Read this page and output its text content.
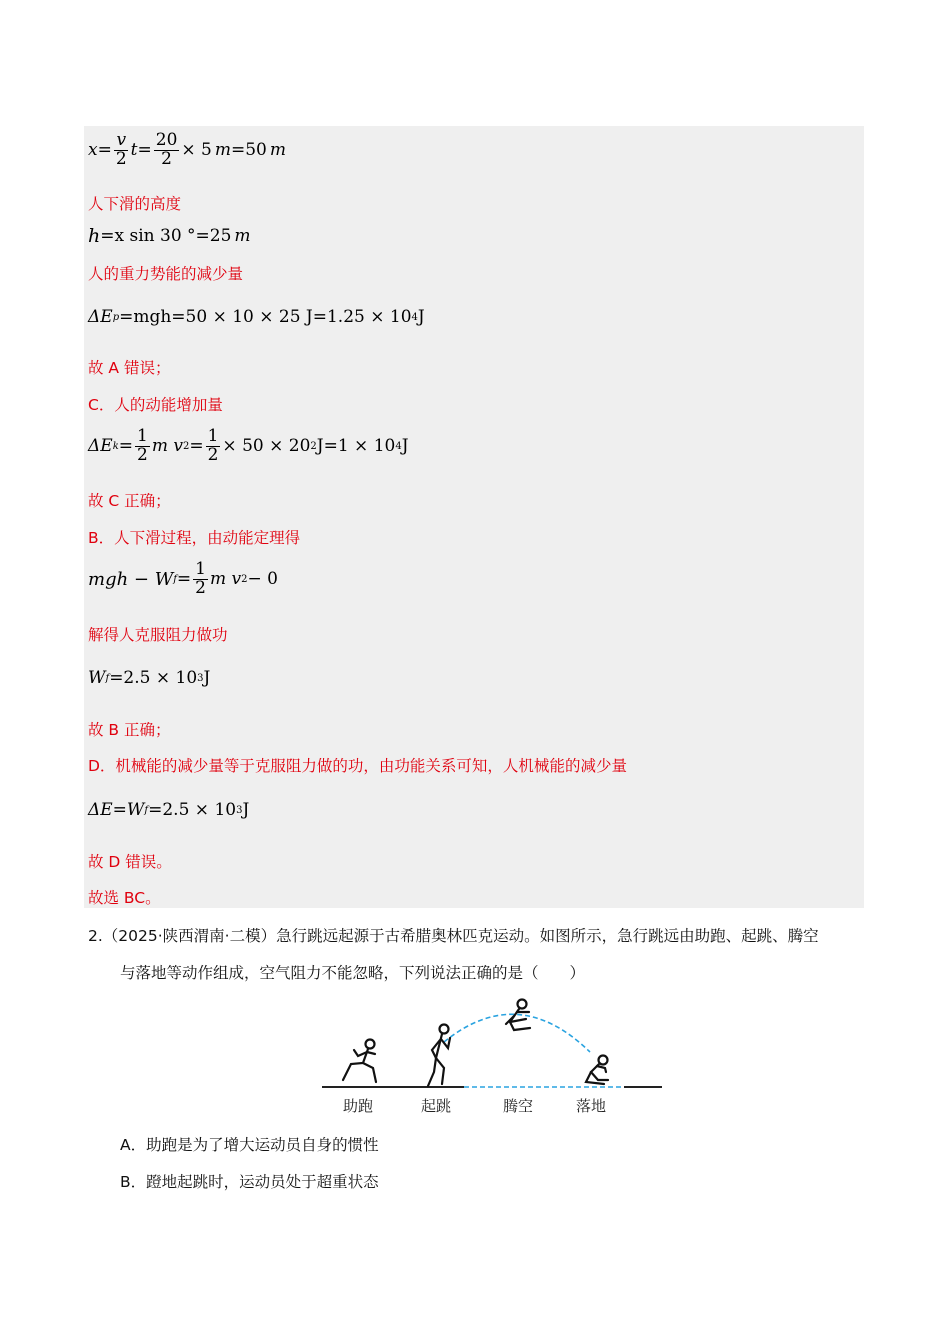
$x = \frac{v}{2}$ $t = \frac{20}{2} \times 5$ m =50 m
人下滑的高度
h =x sin 30 °=25 m
人的重力势能的减少量
ΔE p =mgh=50 × 10 × 25 J=1.25 × 10 4 J
故 A 错误；
C．人的动能增加量
ΔE $k = \frac{1}{2}$ m v $2 = \frac{1}{2} \times 50 \times 20$ 2 J=1 × 10 4 J
故 C 正确；
B．人下滑过程，由动能定理得
mgh − W $f = \frac{1}{2}$ m v 2 − 0
解得人克服阻力做功
W f =2.5 × 10 3 J
故 B 正确；
D．机械能的减少量等于克服阻力做的功，由功能关系可知，人机械能的减少量
ΔE=W f =2.5 × 10 3 J
故 D 错误。
故选 BC。
2.（2025·陕西渭南·二模）急行跳远起源于古希腊奥林匹克运动。如图所示，急行跳远由助跑、起跳、腾空
与落地等动作组成，空气阻力不能忽略，下列说法正确的是（　　）
助跑	起跳	腾空	落地
A．助跑是为了增大运动员自身的惯性
B．蹬地起跳时，运动员处于超重状态
